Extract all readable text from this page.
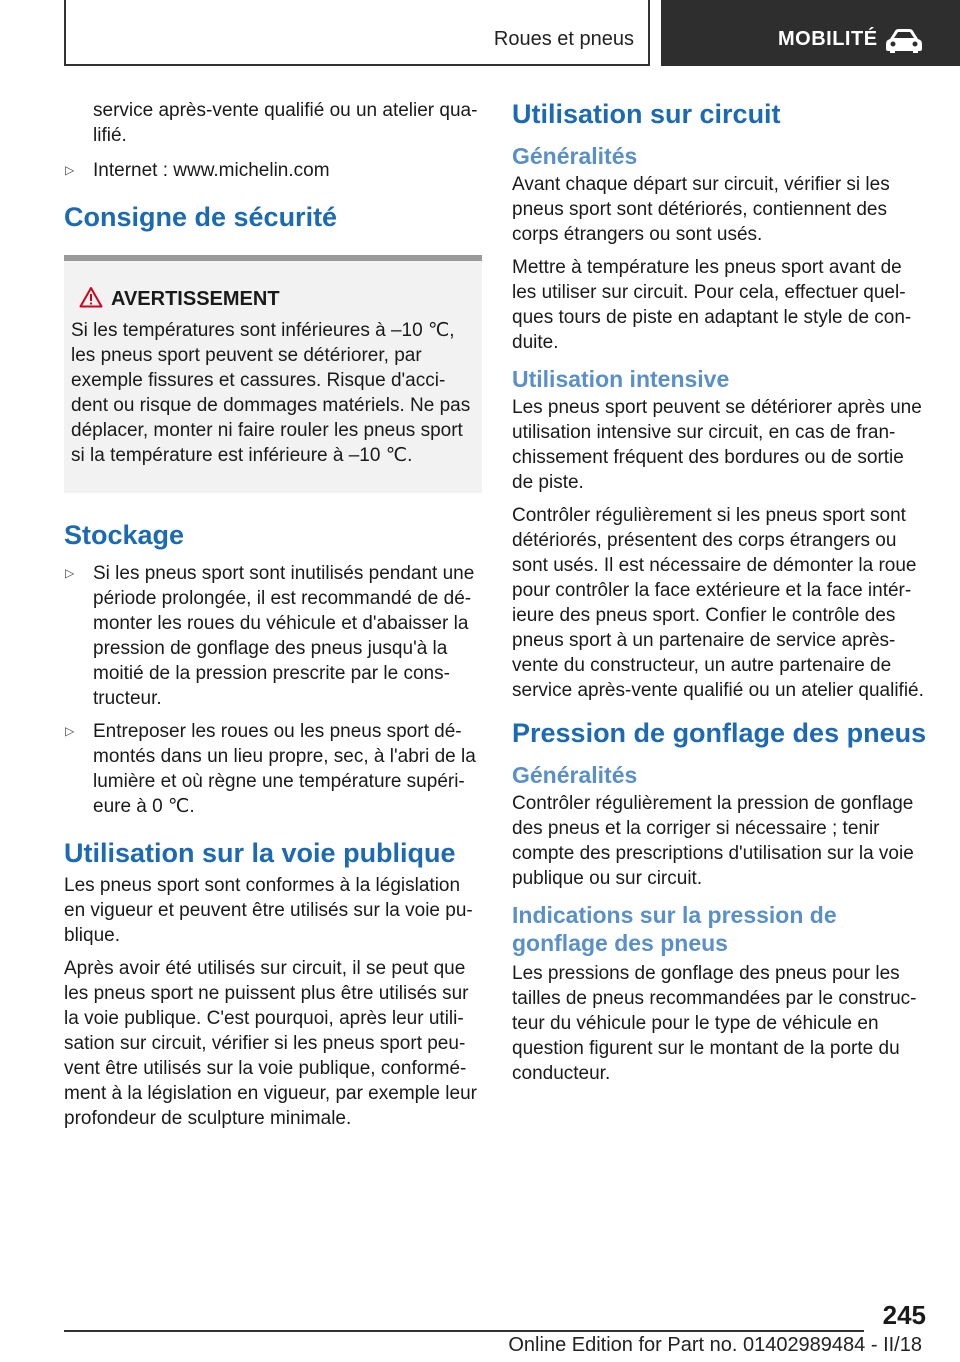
Roues et pneus	MOBILITÉ

service après-vente qualifié ou un atelier qua-lifié.

▷ Internet : www.michelin.com
Consigne de sécurité
AVERTISSEMENT

Si les températures sont inférieures à –10 ℃, les pneus sport peuvent se détériorer, par exemple fissures et cassures. Risque d'acci-dent ou risque de dommages matériels. Ne pas déplacer, monter ni faire rouler les pneus sport si la température est inférieure à –10 ℃.

Stockage
▷ Si les pneus sport sont inutilisés pendant une période prolongée, il est recommandé de dé-monter les roues du véhicule et d'abaisser la pression de gonflage des pneus jusqu'à la moitié de la pression prescrite par le cons-tructeur.
▷ Entreposer les roues ou les pneus sport dé-montés dans un lieu propre, sec, à l'abri de la lumière et où règne une température supéri-eure à 0 ℃.
Utilisation sur la voie publique

Les pneus sport sont conformes à la législation en vigueur et peuvent être utilisés sur la voie pu-blique.

Après avoir été utilisés sur circuit, il se peut que les pneus sport ne puissent plus être utilisés sur la voie publique. C'est pourquoi, après leur utili-sation sur circuit, vérifier si les pneus sport peu-vent être utilisés sur la voie publique, conformé-ment à la législation en vigueur, par exemple leur profondeur de sculpture minimale.

Utilisation sur circuit
Généralités

Avant chaque départ sur circuit, vérifier si les pneus sport sont détériorés, contiennent des corps étrangers ou sont usés.

Mettre à température les pneus sport avant de les utiliser sur circuit. Pour cela, effectuer quel-ques tours de piste en adaptant le style de con-duite.

Utilisation intensive

Les pneus sport peuvent se détériorer après une utilisation intensive sur circuit, en cas de fran-chissement fréquent des bordures ou de sortie de piste.

Contrôler régulièrement si les pneus sport sont détériorés, présentent des corps étrangers ou sont usés. Il est nécessaire de démonter la roue pour contrôler la face extérieure et la face intér-ieure des pneus sport. Confier le contrôle des pneus sport à un partenaire de service après-vente du constructeur, un autre partenaire de service après-vente qualifié ou un atelier qualifié.

Pression de gonflage des pneus
Généralités

Contrôler régulièrement la pression de gonflage des pneus et la corriger si nécessaire ; tenir compte des prescriptions d'utilisation sur la voie publique ou sur circuit.

Indications sur la pression de gonflage des pneus

Les pressions de gonflage des pneus pour les tailles de pneus recommandées par le construc-teur du véhicule pour le type de véhicule en question figurent sur le montant de la porte du conducteur.

245
Online Edition for Part no. 01402989484 - II/18
